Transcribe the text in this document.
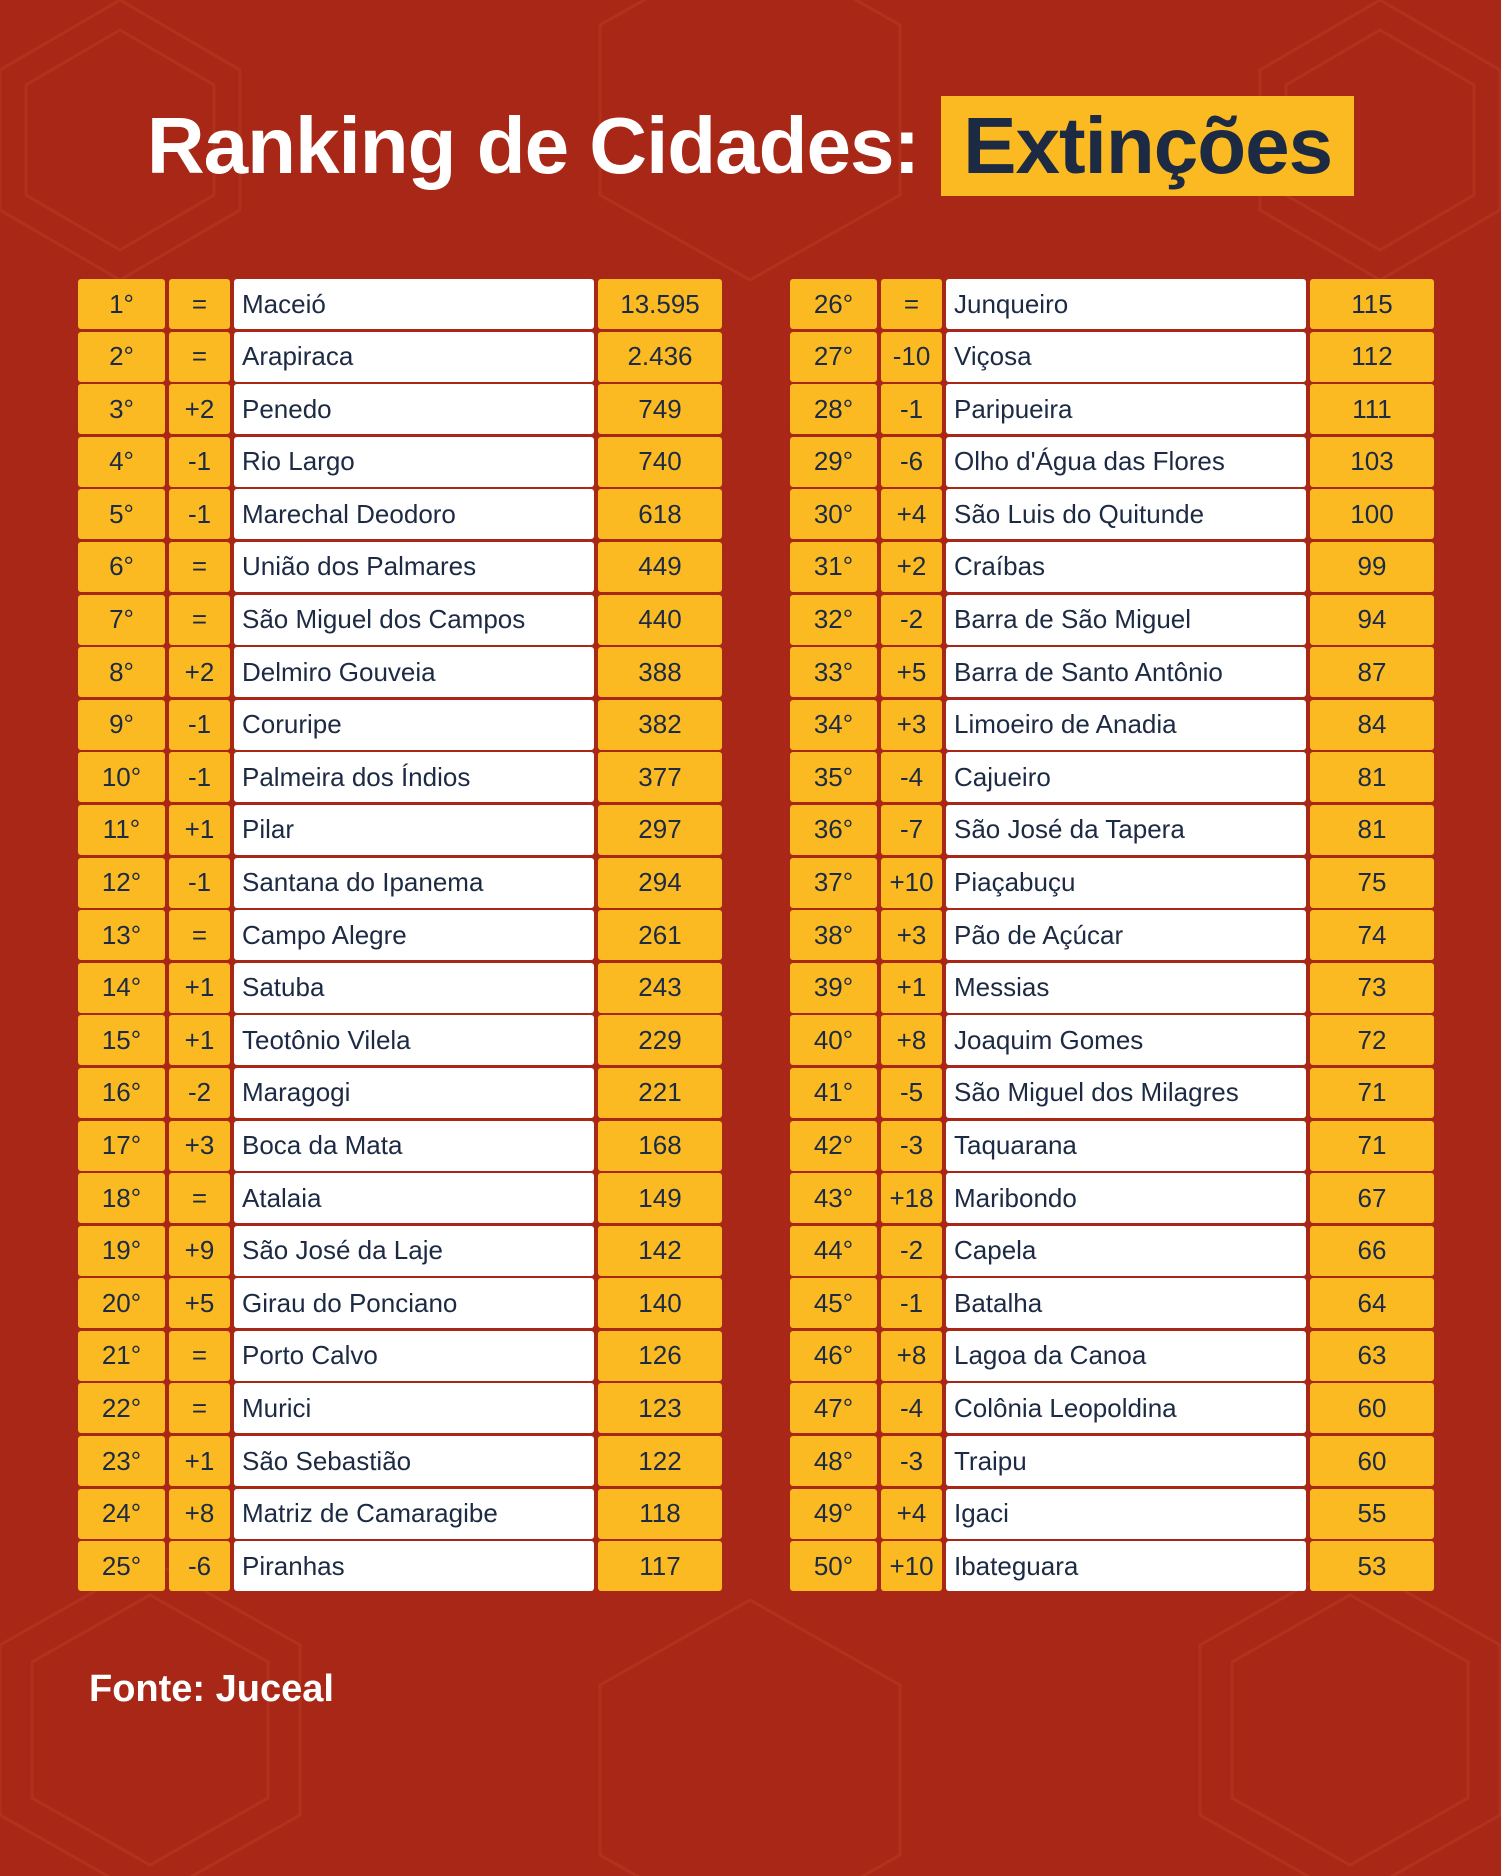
Ranking de Cidades: Extinções
1°	=	Maceió	13.595
2°	=	Arapiraca	2.436
3°	+2	Penedo	749
4°	-1	Rio Largo	740
5°	-1	Marechal Deodoro	618
6°	=	União dos Palmares	449
7°	=	São Miguel dos Campos	440
8°	+2	Delmiro Gouveia	388
9°	-1	Coruripe	382
10°	-1	Palmeira dos Índios	377
11°	+1	Pilar	297
12°	-1	Santana do Ipanema	294
13°	=	Campo Alegre	261
14°	+1	Satuba	243
15°	+1	Teotônio Vilela	229
16°	-2	Maragogi	221
17°	+3	Boca da Mata	168
18°	=	Atalaia	149
19°	+9	São José da Laje	142
20°	+5	Girau do Ponciano	140
21°	=	Porto Calvo	126
22°	=	Murici	123
23°	+1	São Sebastião	122
24°	+8	Matriz de Camaragibe	118
25°	-6	Piranhas	117
26°	=	Junqueiro	115
27°	-10 Viçosa	112
28°	-1	Paripueira	111
29°	-6	Olho d'Água das Flores	103
30°	+4	São Luis do Quitunde	100
31°	+2	Craíbas	99
32°	-2	Barra de São Miguel	94
33°	+5	Barra de Santo Antônio	87
34°	+3	Limoeiro de Anadia	84
35°	-4	Cajueiro	81
36°	-7	São José da Tapera	81
37°	+10 Piaçabuçu	75
38°	+3	Pão de Açúcar	74
39°	+1	Messias	73
40°	+8	Joaquim Gomes	72
41°	-5	São Miguel dos Milagres	71
42°	-3	Taquarana	71
43°	+18 Maribondo	67
44°	-2	Capela	66
45°	-1	Batalha	64
46°	+8	Lagoa da Canoa	63
47°	-4	Colônia Leopoldina	60
48°	-3	Traipu	60
49°	+4	Igaci	55
50°	+10 Ibateguara	53
Fonte: Juceal
